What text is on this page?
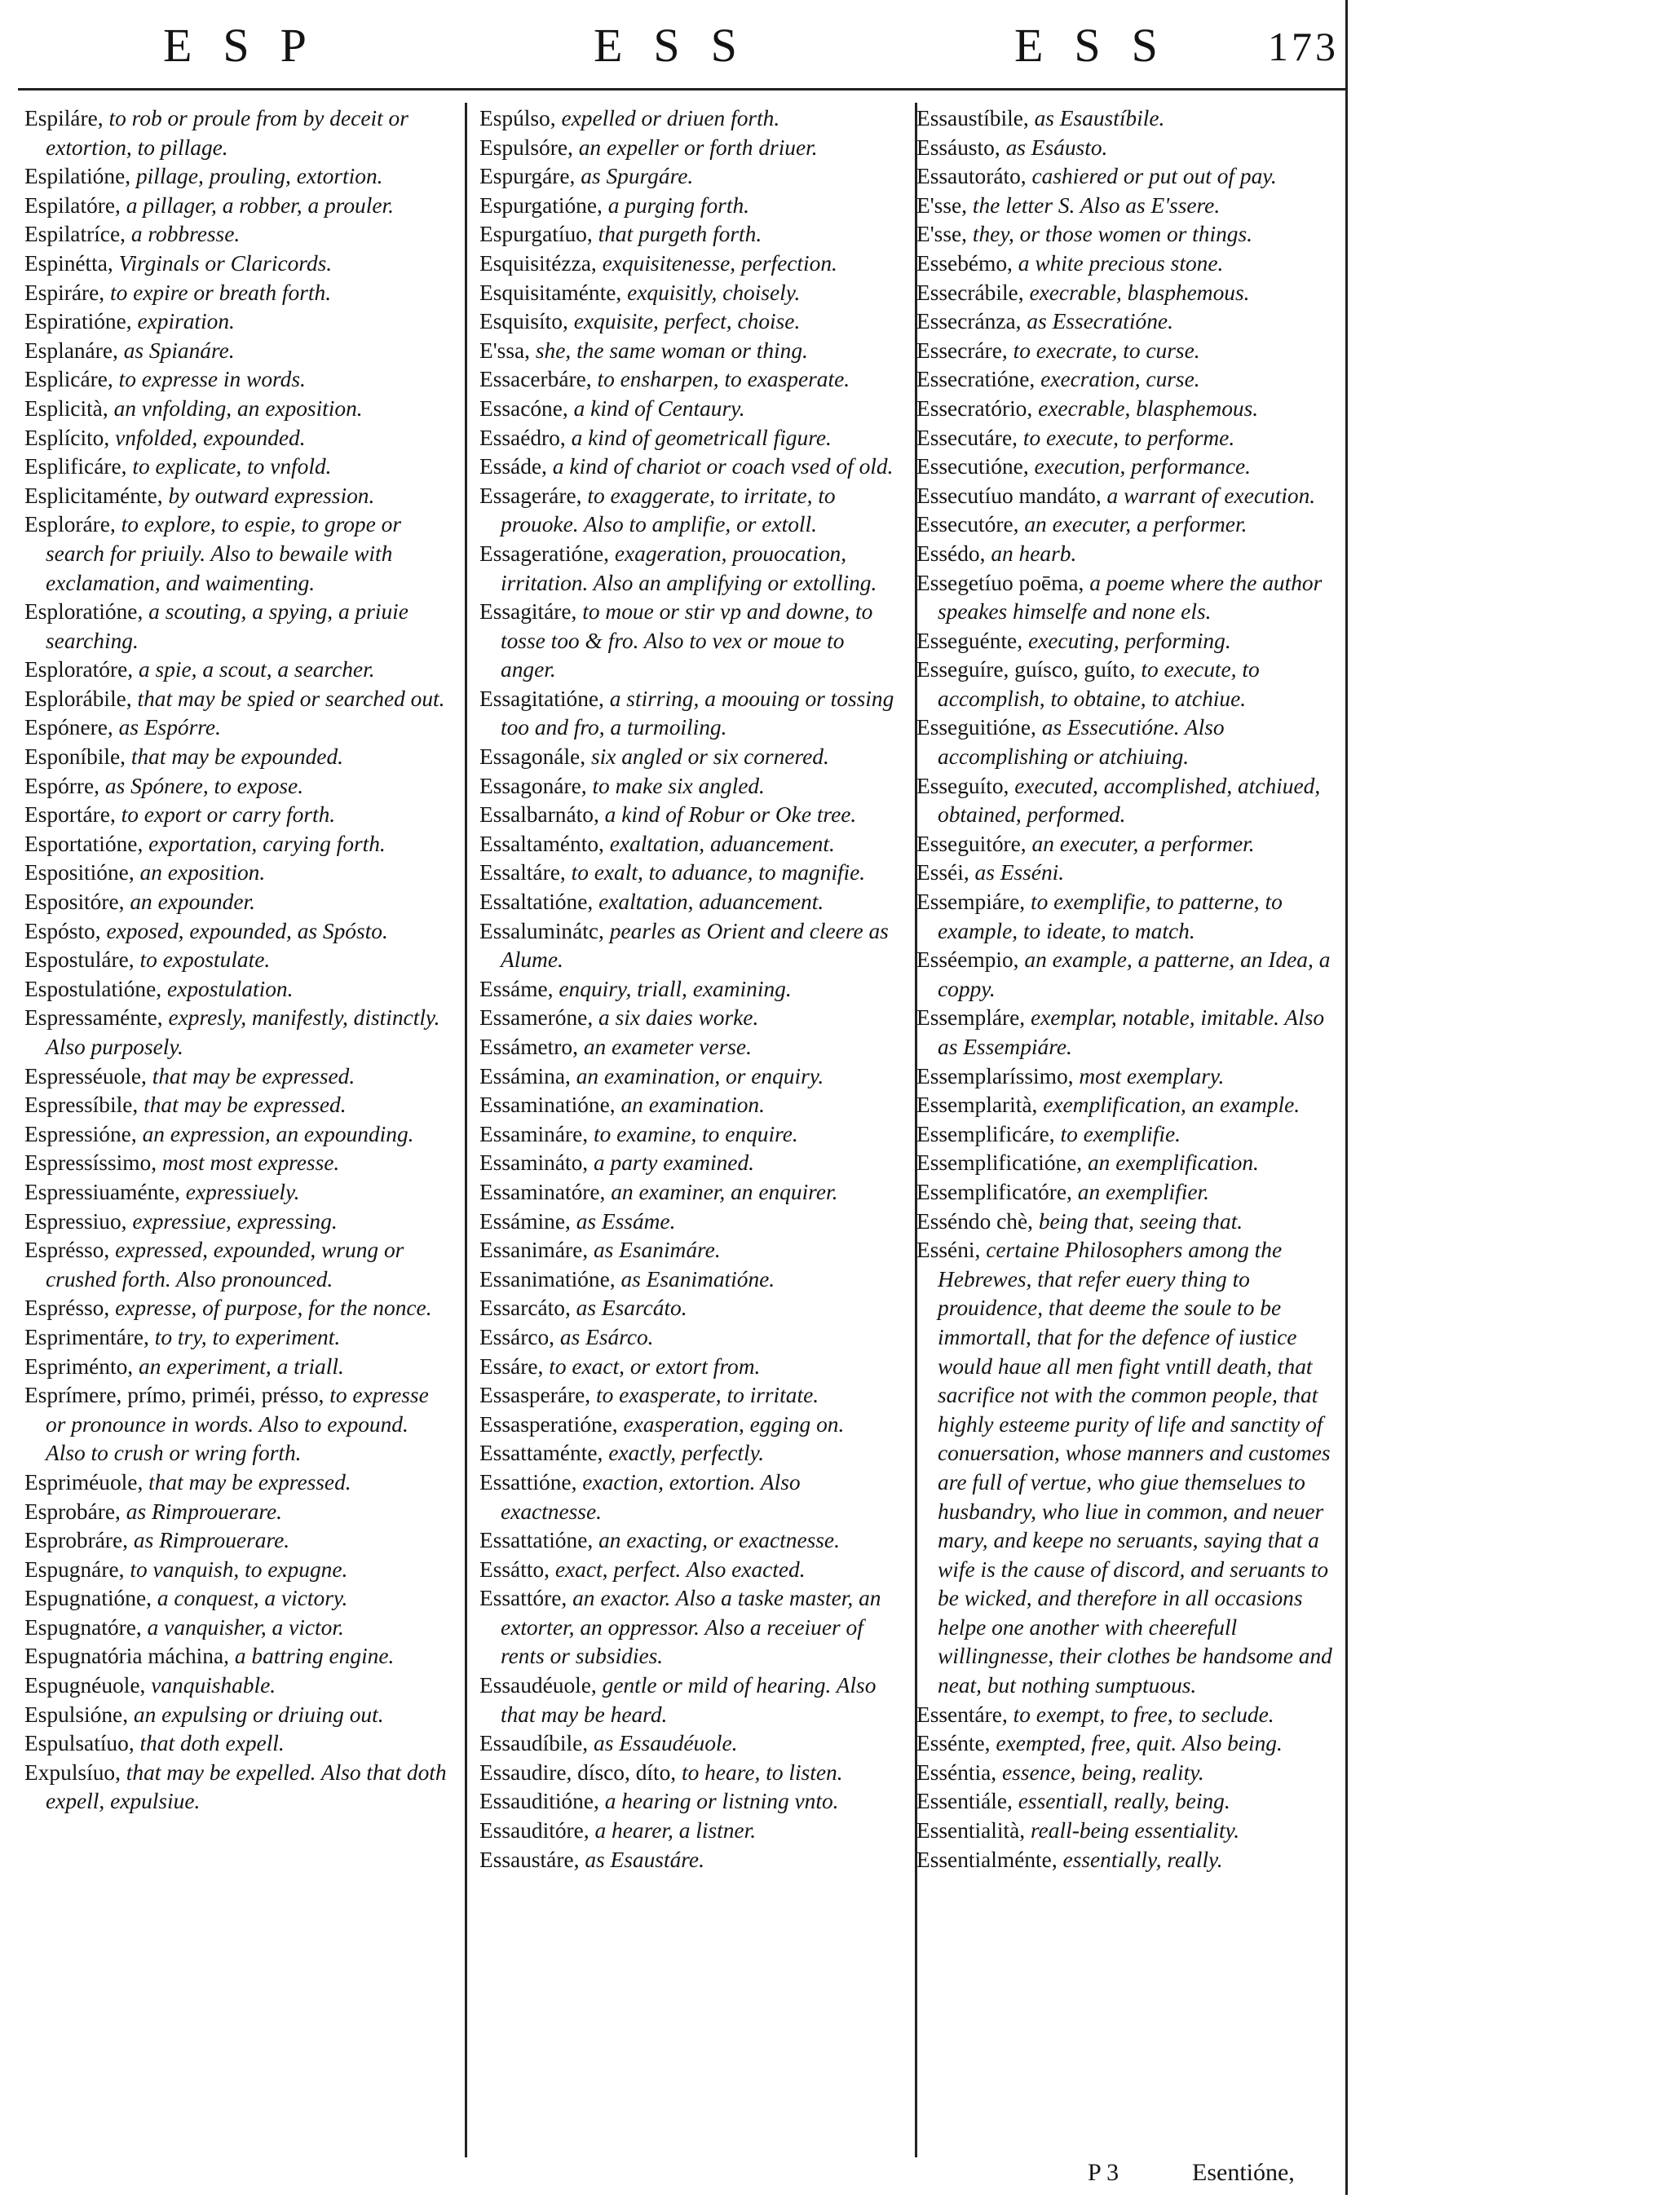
ESP	ESS	ESS 173
Espiláre, to rob or proule from by deceit or extortion, to pillage.
Espilatióne, pillage, prouling, extortion.
Espilatóre, a pillager, a robber, a prouler.
Espilatríce, a robbresse.
Espinétta, Virginals or Claricords.
Espiráre, to expire or breath forth.
Espiratióne, expiration.
Esplanáre, as Spianáre.
Esplicáre, to expresse in words.
Esplicità, an vnfolding, an exposition.
Esplícito, vnfolded, expounded.
Esplificáre, to explicate, to vnfold.
Esplicitaménte, by outward expression.
Esploráre, to explore, to espie, to grope or search for priuily. Also to bewaile with exclamation, and waimenting.
Esploratióne, a scouting, a spying, a priuie searching.
Esploratóre, a spie, a scout, a searcher.
Esplorábile, that may be spied or searched out.
Espónere, as Espórre.
Esponíbile, that may be expounded.
Espórre, as Spónere, to expose.
Esportáre, to export or carry forth.
Esportatióne, exportation, carying forth.
Espositióne, an exposition.
Espositóre, an expounder.
Espósto, exposed, expounded, as Spósto.
Espostuláre, to expostulate.
Espostulatióne, expostulation.
Espressaménte, expresly, manifestly, distinctly. Also purposely.
Espresséuole, that may be expressed.
Espressíbile, that may be expressed.
Espressióne, an expression, an expounding.
Espressíssimo, most most expresse.
Espressiuaménte, expressiuely.
Espressiuo, expressiue, expressing.
Esprésso, expressed, expounded, wrung or crushed forth. Also pronounced.
Esprésso, expresse, of purpose, for the nonce.
Esprimentáre, to try, to experiment.
Espriménto, an experiment, a triall.
Esprímere, prímo, priméi, présso, to expresse or pronounce in words. Also to expound. Also to crush or wring forth.
Espriméuole, that may be expressed.
Esprobáre, as Rimprouerare.
Esprobráre, as Rimprouerare.
Espugnáre, to vanquish, to expugne.
Espugnatióne, a conquest, a victory.
Espugnatóre, a vanquisher, a victor.
Espugnatória máchina, a battring engine.
Espugnéuole, vanquishable.
Espulsióne, an expulsing or driuing out.
Espulsatíuo, that doth expell.
Expulsíuo, that may be expelled. Also that doth expell, expulsiue.
Espúlso, expelled or driuen forth.
Espulsóre, an expeller or forth driuer.
Espurgáre, as Spurgáre.
Espurgatióne, a purging forth.
Espurgatíuo, that purgeth forth.
Esquisitézza, exquisitenesse, perfection.
Esquisitaménte, exquisitly, choisely.
Esquisíto, exquisite, perfect, choise.
E'ssa, she, the same woman or thing.
Essacerbáre, to ensharpen, to exasperate.
Essacóne, a kind of Centaury.
Essaédro, a kind of geometricall figure.
Essáde, a kind of chariot or coach vsed of old.
Essageráre, to exaggerate, to irritate, to prouoke. Also to amplifie, or extoll.
Essageratióne, exageration, prouocation, irritation. Also an amplifying or extolling.
Essagitáre, to moue or stir vp and downe, to tosse too & fro. Also to vex or moue to anger.
Essagitatióne, a stirring, a moouing or tossing too and fro, a turmoiling.
Essagonále, six angled or six cornered.
Essagonáre, to make six angled.
Essalbarnáto, a kind of Robur or Oke tree.
Essaltaménto, exaltation, aduancement.
Essaltáre, to exalt, to aduance, to magnifie.
Essaltatióne, exaltation, aduancement.
Essaluminátc, pearles as Orient and cleere as Alume.
Essáme, enquiry, triall, examining.
Essameróne, a six daies worke.
Essámetro, an exameter verse.
Essámina, an examination, or enquiry.
Essaminatióne, an examination.
Essamináre, to examine, to enquire.
Essamináto, a party examined.
Essaminatóre, an examiner, an enquirer.
Essámine, as Essáme.
Essanimáre, as Esanimáre.
Essanimatióne, as Esanimatióne.
Essarcáto, as Esarcáto.
Essárco, as Esárco.
Essáre, to exact, or extort from.
Essasperáre, to exasperate, to irritate.
Essasperatióne, exasperation, egging on.
Essattaménte, exactly, perfectly.
Essattióne, exaction, extortion. Also exactnesse.
Essattatióne, an exacting, or exactnesse.
Essátto, exact, perfect. Also exacted.
Essattóre, an exactor. Also a taske master, an extorter, an oppressor. Also a receiuer of rents or subsidies.
Essaudéuole, gentle or mild of hearing. Also that may be heard.
Essaudíbile, as Essaudéuole.
Essaudire, dísco, díto, to heare, to listen.
Essauditióne, a hearing or listning vnto.
Essauditóre, a hearer, a listner.
Essaustáre, as Esaustáre.
Essaustíbile, as Esaustíbile.
Essáusto, as Esáusto.
Essautoráto, cashiered or put out of pay.
E'sse, the letter S. Also as E'ssere.
E'sse, they, or those women or things.
Essebémo, a white precious stone.
Essecrábile, execrable, blasphemous.
Essecránza, as Essecratióne.
Essecráre, to execrate, to curse.
Essecratióne, execration, curse.
Essecratório, execrable, blasphemous.
Essecutáre, to execute, to performe.
Essecutióne, execution, performance.
Essecutíuo mandáto, a warrant of execution.
Essecutóre, an executer, a performer.
Essédo, an hearb.
Essegetíuo poēma, a poeme where the author speakes himselfe and none els.
Esseguénte, executing, performing.
Esseguíre, guísco, guíto, to execute, to accomplish, to obtaine, to atchiue.
Esseguitióne, as Essecutióne. Also accomplishing or atchiuing.
Esseguíto, executed, accomplished, atchiued, obtained, performed.
Esseguitóre, an executer, a performer.
Esséi, as Esséni.
Essempiáre, to exemplifie, to patterne, to example, to ideate, to match.
Esséempio, an example, a patterne, an Idea, a coppy.
Essempláre, exemplar, notable, imitable. Also as Essempiáre.
Essemplaríssimo, most exemplary.
Essemplarità, exemplification, an example.
Essemplificáre, to exemplifie.
Essemplificatióne, an exemplification.
Essemplificatóre, an exemplifier.
Esséndo chè, being that, seeing that.
Esséni, certaine Philosophers among the Hebrewes, that refer euery thing to prouidence, that deeme the soule to be immortall, that for the defence of iustice would haue all men fight vntill death, that sacrifice not with the common people, that highly esteeme purity of life and sanctity of conuersation, whose manners and customes are full of vertue, who giue themselues to husbandry, who liue in common, and neuer mary, and keepe no seruants, saying that a wife is the cause of discord, and seruants to be wicked, and therefore in all occasions helpe one another with cheerefull willingnesse, their clothes be handsome and neat, but nothing sumptuous.
Essentáre, to exempt, to free, to seclude.
Essénte, exempted, free, quit. Also being.
Esséntia, essence, being, reality.
Essentiále, essentiall, really, being.
Essentialità, reall-being essentiality.
Essentialménte, essentially, really.
P 3	Esentióne,
